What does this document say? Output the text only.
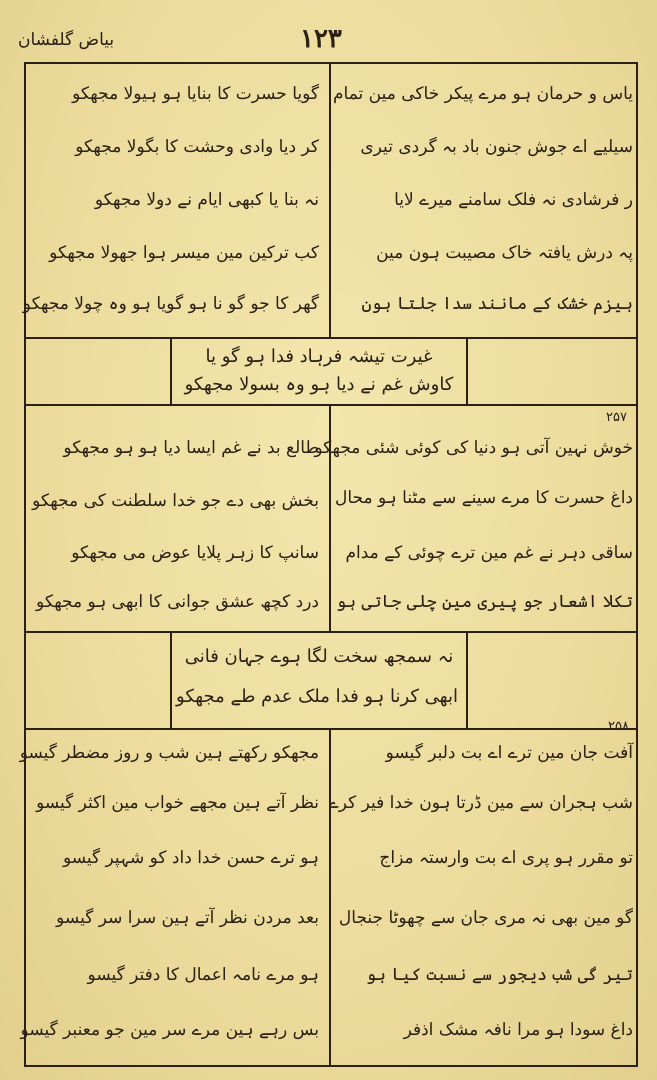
بیاض گلفشان	۱۲۳
یاس و حرمان ہو مرے پیکر خاکی مین تمام
سیلیے اے جوش جنون باد بہ گردی تیری
ر فرشادی نہ فلک سامنے میرے لایا
پہ درش یافتہ خاک مصیبت ہون مین
ہیزم خشک کے مانند سدا جلتا ہون
گویا حسرت کا بنایا ہو ہیولا مجھکو
کر دیا وادی وحشت کا بگولا مجھکو
نہ بنا یا کبھی ایام نے دولا مجھکو
کب ترکین مین میسر ہوا جھولا مجھکو
گھر کا جو گو نا ہو گویا ہو وہ چولا مجھکو
غیرت تیشہ فرہاد فدا ہو گو یا
کاوش غم نے دیا ہو وہ بسولا مجھکو
۲۵۷
خوش نہین آتی ہو دنیا کی کوئی شئی مجھکو
داغ حسرت کا مرے سینے سے مٹنا ہو محال
ساقی دہر نے غم مین ترے چوئی کے مدام
تکلا اشعار جو پیری مین چلی جاتی ہو
طالع بد نے غم ایسا دیا ہو ہو مجھکو
بخش بھی دے جو خدا سلطنت کی مجھکو
سانپ کا زہر پلایا عوض می مجھکو
درد کچھ عشق جوانی کا ابھی ہو مجھکو
نہ سمجھ سخت لگا ہوے جہان فانی
ابھی کرنا ہو فدا ملک عدم طے مجھکو
۲۵۸
آفت جان مین ترے اے بت دلبر گیسو
شب ہجران سے مین ڈرتا ہون خدا فیر کرے
تو مقرر ہو پری اے بت وارستہ مزاج
گو مین بھی نہ مری جان سے چھوٹا جنجال
تیر گی شب دیجور سے نسبت کیا ہو
داغ سودا ہو مرا نافہ مشک اذفر
مجھکو رکھتے ہین شب و روز مضطر گیسو
نظر آتے ہین مجھے خواب مین اکثر گیسو
ہو ترے حسن خدا داد کو شہپر گیسو
بعد مردن نظر آتے ہین سرا سر گیسو
ہو مرے نامہ اعمال کا دفتر گیسو
بس رہے ہین مرے سر مین جو معنبر گیسو
